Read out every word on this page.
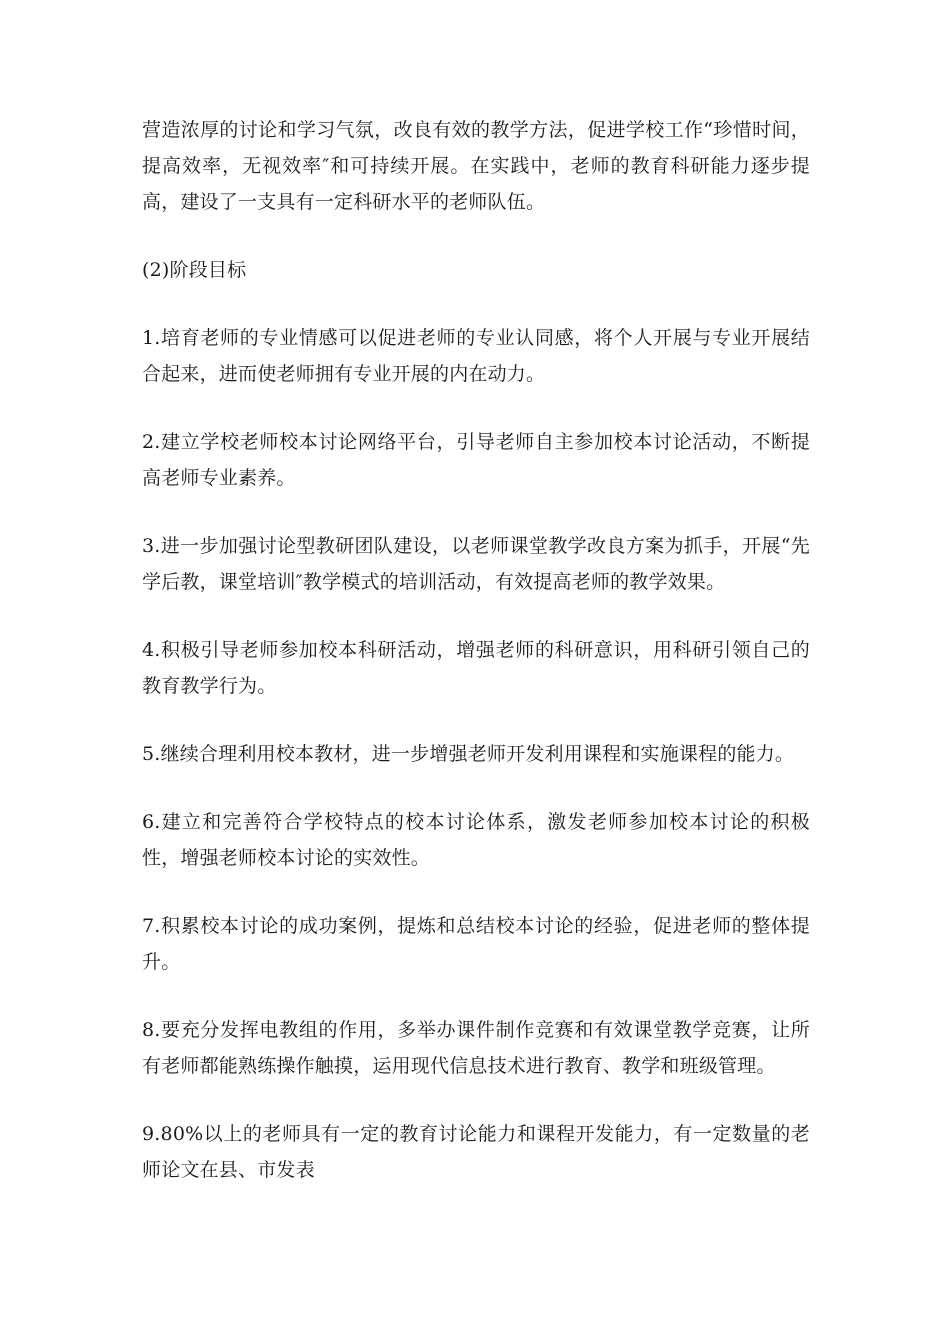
营造浓厚的讨论和学习气氛，改良有效的教学方法，促进学校工作“珍惜时间，提高效率，无视效率″和可持续开展。在实践中，老师的教育科研能力逐步提高，建设了一支具有一定科研水平的老师队伍。

(2)阶段目标

1.培育老师的专业情感可以促进老师的专业认同感，将个人开展与专业开展结合起来，进而使老师拥有专业开展的内在动力。

2.建立学校老师校本讨论网络平台，引导老师自主参加校本讨论活动，不断提高老师专业素养。

3.进一步加强讨论型教研团队建设，以老师课堂教学改良方案为抓手，开展“先学后教，课堂培训″教学模式的培训活动，有效提高老师的教学效果。

4.积极引导老师参加校本科研活动，增强老师的科研意识，用科研引领自己的教育教学行为。

5.继续合理利用校本教材，进一步增强老师开发利用课程和实施课程的能力。

6.建立和完善符合学校特点的校本讨论体系，激发老师参加校本讨论的积极性，增强老师校本讨论的实效性。

7.积累校本讨论的成功案例，提炼和总结校本讨论的经验，促进老师的整体提升。

8.要充分发挥电教组的作用，多举办课件制作竞赛和有效课堂教学竞赛，让所有老师都能熟练操作触摸，运用现代信息技术进行教育、教学和班级管理。

9.80%以上的老师具有一定的教育讨论能力和课程开发能力，有一定数量的老师论文在县、市发表
